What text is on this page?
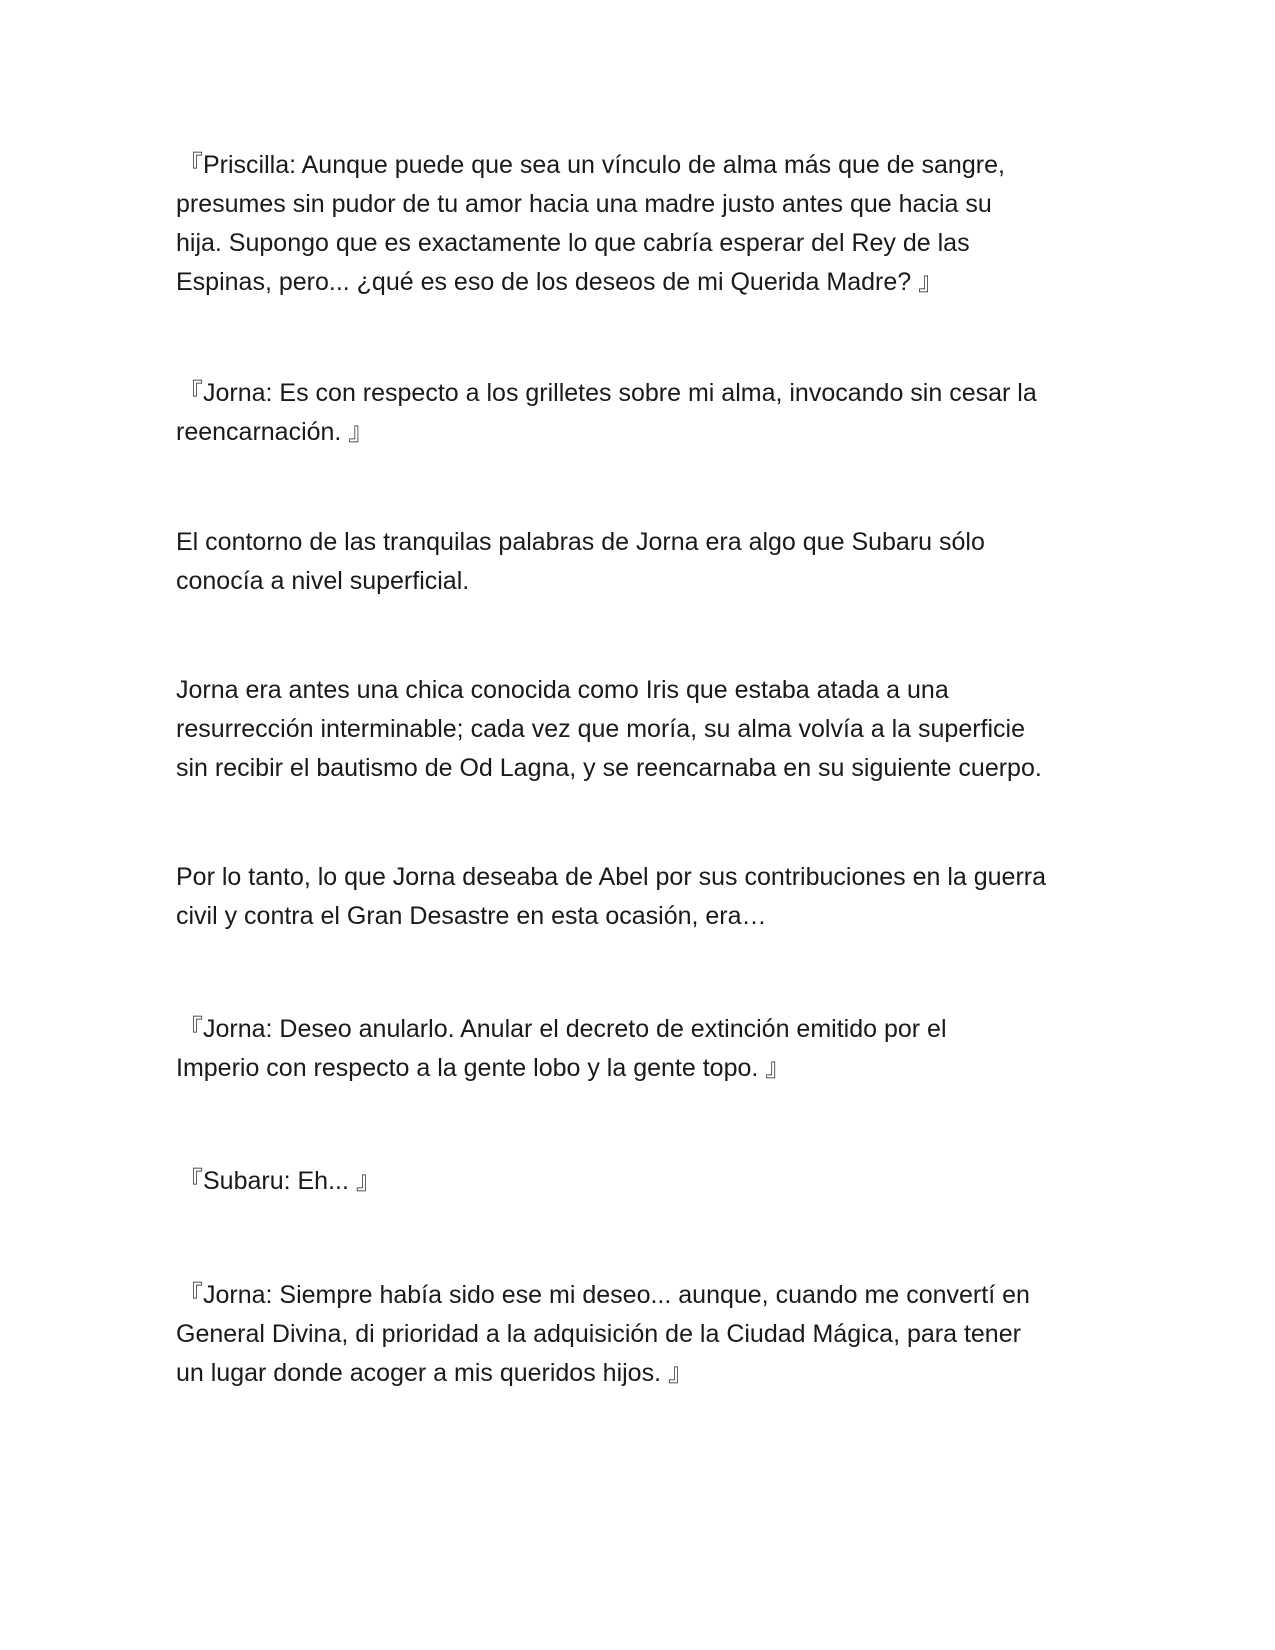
『Priscilla: Aunque puede que sea un vínculo de alma más que de sangre,
presumes sin pudor de tu amor hacia una madre justo antes que hacia su
hija. Supongo que es exactamente lo que cabría esperar del Rey de las
Espinas, pero... ¿qué es eso de los deseos de mi Querida Madre? 』

『Jorna: Es con respecto a los grilletes sobre mi alma, invocando sin cesar la
reencarnación. 』

El contorno de las tranquilas palabras de Jorna era algo que Subaru sólo
conocía a nivel superficial.

Jorna era antes una chica conocida como Iris que estaba atada a una
resurrección interminable; cada vez que moría, su alma volvía a la superficie
sin recibir el bautismo de Od Lagna, y se reencarnaba en su siguiente cuerpo.

Por lo tanto, lo que Jorna deseaba de Abel por sus contribuciones en la guerra
civil y contra el Gran Desastre en esta ocasión, era…

『Jorna: Deseo anularlo. Anular el decreto de extinción emitido por el
Imperio con respecto a la gente lobo y la gente topo. 』

『Subaru: Eh... 』

『Jorna: Siempre había sido ese mi deseo... aunque, cuando me convertí en
General Divina, di prioridad a la adquisición de la Ciudad Mágica, para tener
un lugar donde acoger a mis queridos hijos. 』
